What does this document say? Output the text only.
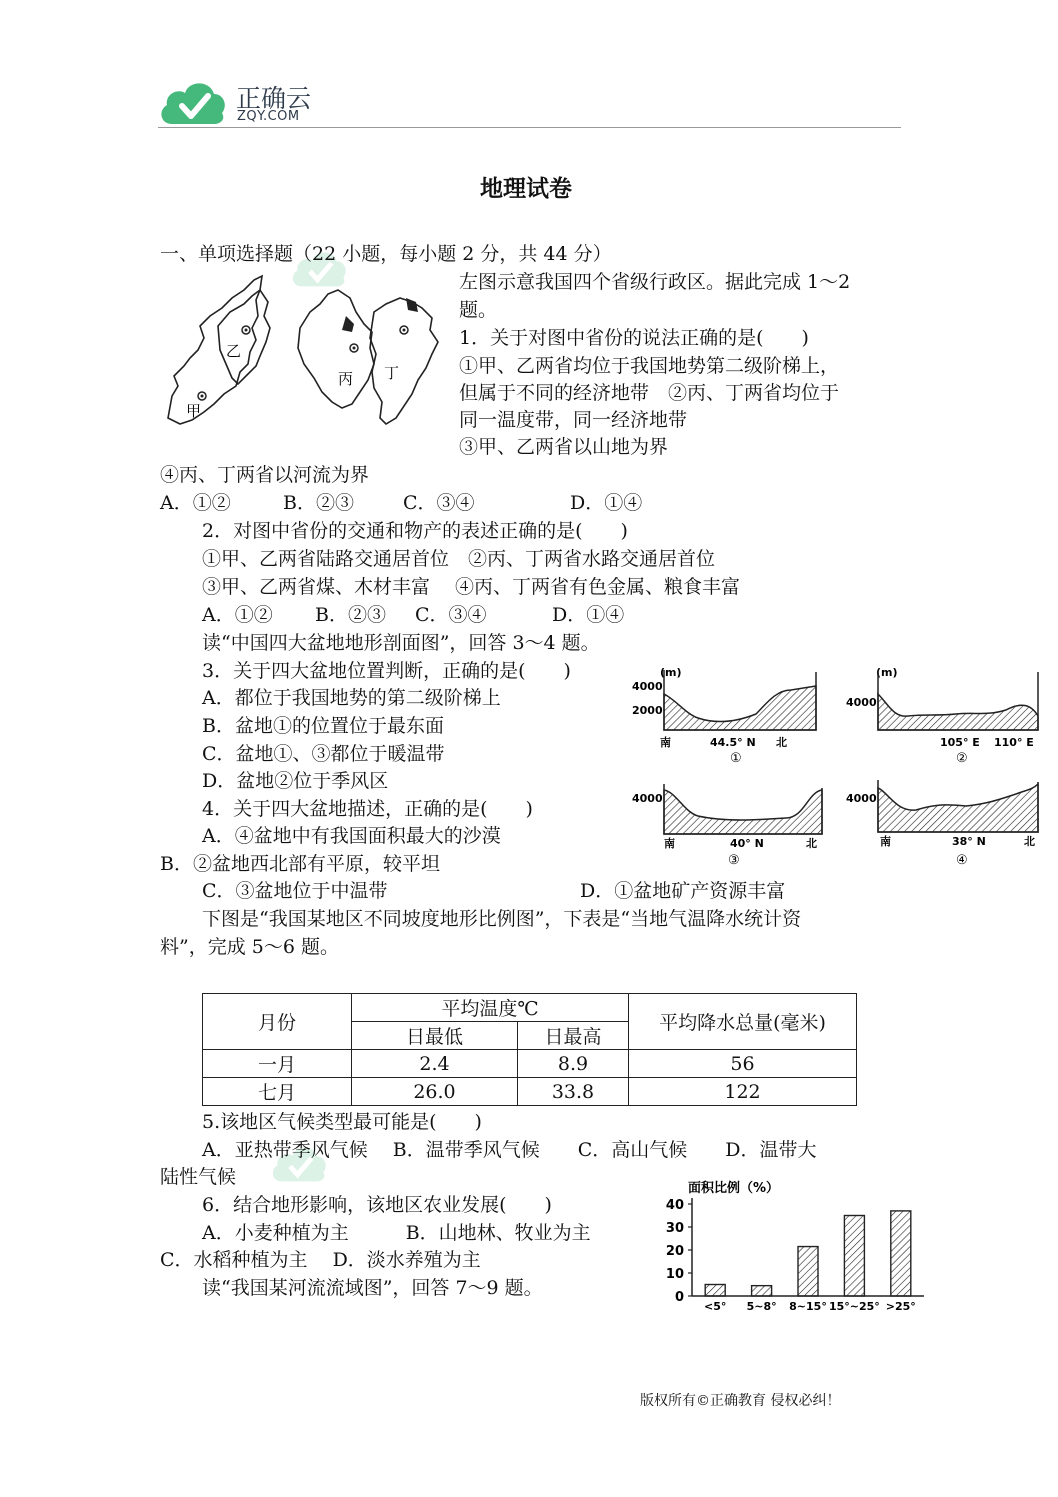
正确云
ZQY.COM
地理试卷
一、单项选择题（22 小题，每小题 2 分，共 44 分）
甲
乙
丙 丁
左图示意我国四个省级行政区。据此完成 1～2
题。
1．关于对图中省份的说法正确的是(　　)
①甲、乙两省均位于我国地势第二级阶梯上，
但属于不同的经济地带　②丙、丁两省均位于
同一温度带，同一经济地带
③甲、乙两省以山地为界
④丙、丁两省以河流为界
A．①②	B．②③	C．③④	D．①④
2．对图中省份的交通和物产的表述正确的是(　　)
①甲、乙两省陆路交通居首位　②丙、丁两省水路交通居首位
③甲、乙两省煤、木材丰富　 ④丙、丁两省有色金属、粮食丰富
A．①② B．②③ C．③④	D．①④
读“中国四大盆地地形剖面图”，回答 3～4 题。
3．关于四大盆地位置判断，正确的是(　　)
A．都位于我国地势的第二级阶梯上
B．盆地①的位置位于最东面
C．盆地①、③都位于暖温带
D．盆地②位于季风区
4．关于四大盆地描述，正确的是(　　)
A．④盆地中有我国面积最大的沙漠
B．②盆地西北部有平原，较平坦
C．③盆地位于中温带	D．①盆地矿产资源丰富
(m)
4000
2000
南	44.5° N 北
①
(m)
4000
105° E 110° E
②
4000
南	40° N	北
③
4000
南	38° N	北
④
下图是“我国某地区不同坡度地形比例图”，下表是“当地气温降水统计资
料”，完成 5～6 题。
月份	平均温度℃		平均降水总量(毫米)
	日最低	日最高	
一月	2.4	8.9	56
七月	26.0	33.8	122
5.该地区气候类型最可能是(　　)
A．亚热带季风气候　 B．温带季风气候　　C．高山气候　　D．温带大
陆性气候
6．结合地形影响，该地区农业发展(　　)
A．小麦种植为主　　　B．山地林、牧业为主
C．水稻种植为主　 D．淡水养殖为主
读“我国某河流流域图”，回答 7～9 题。
面积比例（%）
0
10
20
30
40
<5° 5~8° 8~15° 15°~25° >25°
版权所有©正确教育 侵权必纠！
